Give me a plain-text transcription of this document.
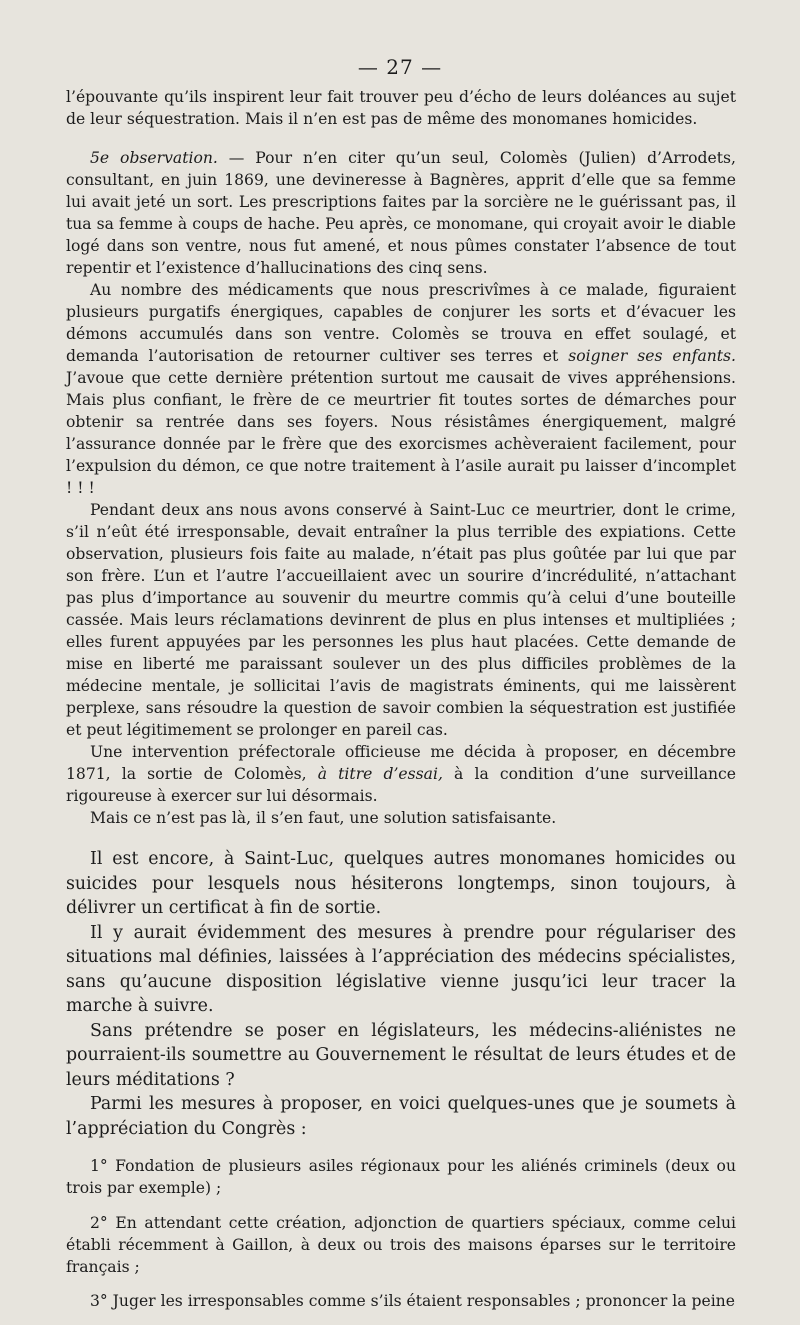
— 27 —

l’épouvante qu’ils inspirent leur fait trouver peu d’écho de leurs doléances au sujet de leur séquestration. Mais il n’en est pas de même des monomanes homicides.

5e observation. — Pour n’en citer qu’un seul, Colomès (Julien) d’Arrodets, consultant, en juin 1869, une devineresse à Bagnères, apprit d’elle que sa femme lui avait jeté un sort. Les prescriptions faites par la sorcière ne le guérissant pas, il tua sa femme à coups de hache. Peu après, ce monomane, qui croyait avoir le diable logé dans son ventre, nous fut amené, et nous pûmes constater l’absence de tout repentir et l’existence d’hallucinations des cinq sens.

Au nombre des médicaments que nous prescrivîmes à ce malade, figuraient plusieurs purgatifs énergiques, capables de conjurer les sorts et d’évacuer les démons accumulés dans son ventre. Colomès se trouva en effet soulagé, et demanda l’autorisation de retourner cultiver ses terres et soigner ses enfants. J’avoue que cette dernière prétention surtout me causait de vives appréhensions. Mais plus confiant, le frère de ce meurtrier fit toutes sortes de démarches pour obtenir sa rentrée dans ses foyers. Nous résistâmes énergiquement, malgré l’assurance donnée par le frère que des exorcismes achèveraient facilement, pour l’expulsion du démon, ce que notre traitement à l’asile aurait pu laisser d’incomplet ! ! !

Pendant deux ans nous avons conservé à Saint-Luc ce meurtrier, dont le crime, s’il n’eût été irresponsable, devait entraîner la plus terrible des expiations. Cette observation, plusieurs fois faite au malade, n’était pas plus goûtée par lui que par son frère. L’un et l’autre l’accueillaient avec un sourire d’incrédulité, n’attachant pas plus d’importance au souvenir du meurtre commis qu’à celui d’une bouteille cassée. Mais leurs réclamations devinrent de plus en plus intenses et multipliées ; elles furent appuyées par les personnes les plus haut placées. Cette demande de mise en liberté me paraissant soulever un des plus difficiles problèmes de la médecine mentale, je sollicitai l’avis de magistrats éminents, qui me laissèrent perplexe, sans résoudre la question de savoir combien la séquestration est justifiée et peut légitimement se prolonger en pareil cas.

Une intervention préfectorale officieuse me décida à proposer, en décembre 1871, la sortie de Colomès, à titre d’essai, à la condition d’une surveillance rigoureuse à exercer sur lui désormais.

Mais ce n’est pas là, il s’en faut, une solution satisfaisante.

Il est encore, à Saint-Luc, quelques autres monomanes homicides ou suicides pour lesquels nous hésiterons longtemps, sinon toujours, à délivrer un certificat à fin de sortie.

Il y aurait évidemment des mesures à prendre pour régulariser des situations mal définies, laissées à l’appréciation des médecins spécialistes, sans qu’aucune disposition législative vienne jusqu’ici leur tracer la marche à suivre.

Sans prétendre se poser en législateurs, les médecins-aliénistes ne pourraient-ils soumettre au Gouvernement le résultat de leurs études et de leurs méditations ?

Parmi les mesures à proposer, en voici quelques-unes que je soumets à l’appréciation du Congrès :

1° Fondation de plusieurs asiles régionaux pour les aliénés criminels (deux ou trois par exemple) ;

2° En attendant cette création, adjonction de quartiers spéciaux, comme celui établi récemment à Gaillon, à deux ou trois des maisons éparses sur le territoire français ;

3° Juger les irresponsables comme s’ils étaient responsables ; prononcer la peine
